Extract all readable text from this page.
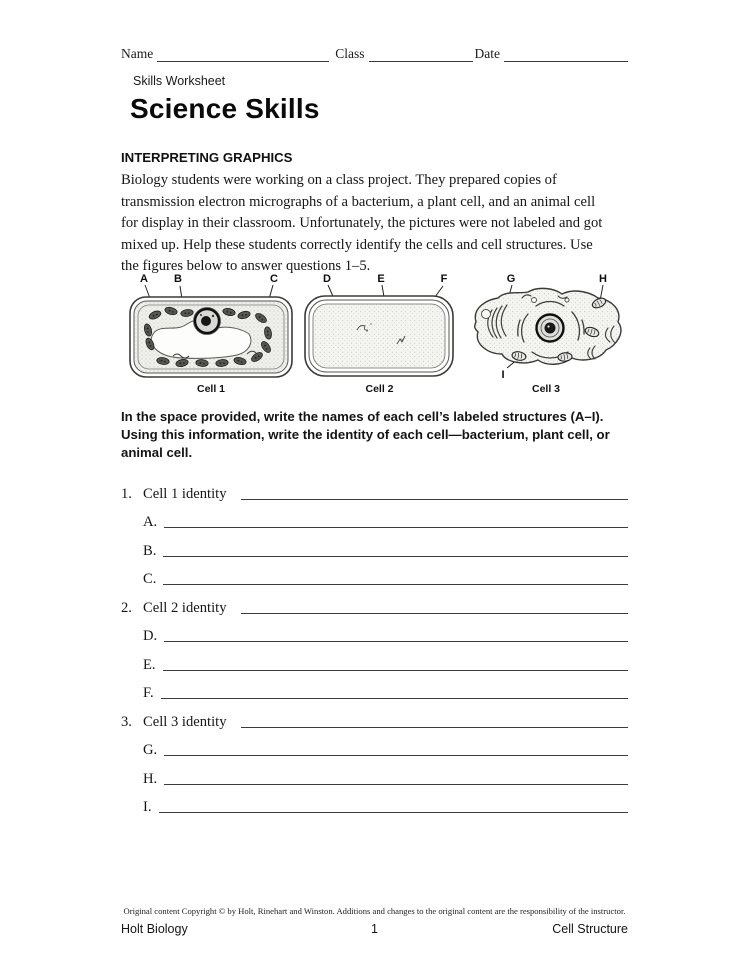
Name	Class	Date
Skills Worksheet
Science Skills
INTERPRETING GRAPHICS
Biology students were working on a class project. They prepared copies of
transmission electron micrographs of a bacterium, a plant cell, and an animal cell
for display in their classroom. Unfortunately, the pictures were not labeled and got
mixed up. Help these students correctly identify the cells and cell structures. Use
the figures below to answer questions 1–5.
A B	C
Cell 1
D	E	F
Cell 2
G	H
I
Cell 3
In the space provided, write the names of each cell’s labeled structures (A–I).
Using this information, write the identity of each cell—bacterium, plant cell, or
animal cell.
1. Cell 1 identity
A.
B.
C.
2. Cell 2 identity
D.
E.
F.
3. Cell 3 identity
G.
H.
I.
Original content Copyright © by Holt, Rinehart and Winston. Additions and changes to the original content are the responsibility of the instructor.
Holt Biology	1	Cell Structure
